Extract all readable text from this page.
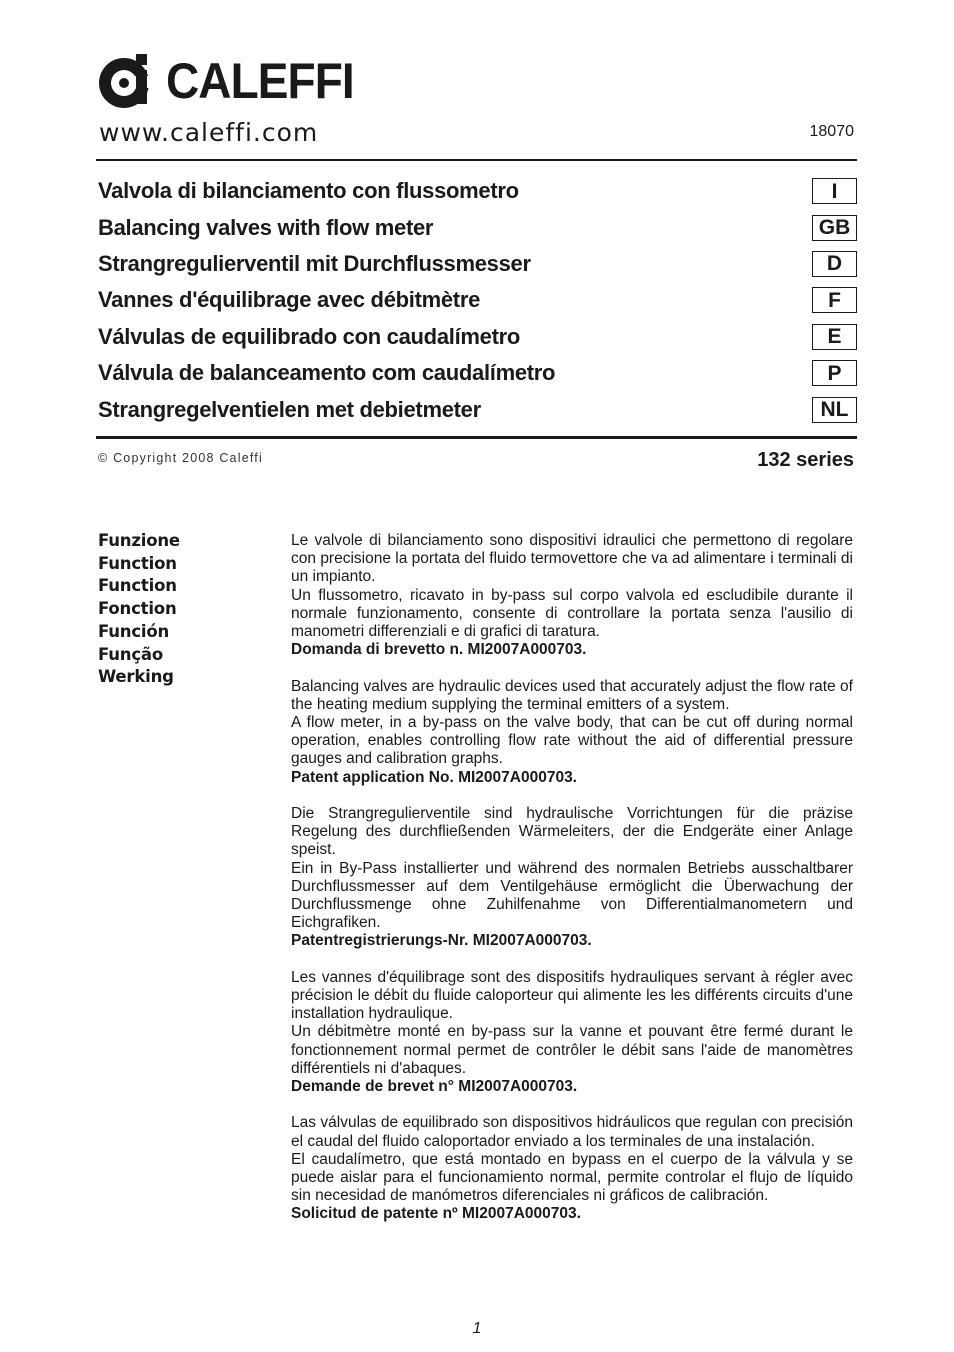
CALEFFI
www.caleffi.com	18070
Valvola di bilanciamento con flussometro	I
Balancing valves with flow meter	GB
Strangregulierventil mit Durchflussmesser	D
Vannes d'équilibrage avec débitmètre	F
Válvulas de equilibrado con caudalímetro	E
Válvula de balanceamento com caudalímetro	P
Strangregelventielen met debietmeter	NL
© Copyright 2008 Caleffi	132 series
Funzione
Function
Function
Fonction
Función
Função
Werking

Le valvole di bilanciamento sono dispositivi idraulici che permettono di regolare con precisione la portata del fluido termovettore che va ad alimentare i terminali di un impianto.

Un flussometro, ricavato in by-pass sul corpo valvola ed escludibile durante il normale funzionamento, consente di controllare la portata senza l'ausilio di manometri differenziali e di grafici di taratura.

Domanda di brevetto n. MI2007A000703.

Balancing valves are hydraulic devices used that accurately adjust the flow rate of the heating medium supplying the terminal emitters of a system.

A flow meter, in a by-pass on the valve body, that can be cut off during normal operation, enables controlling flow rate without the aid of differential pressure gauges and calibration graphs.

Patent application No. MI2007A000703.

Die Strangregulierventile sind hydraulische Vorrichtungen für die präzise Regelung des durchfließenden Wärmeleiters, der die Endgeräte einer Anlage speist.

Ein in By-Pass installierter und während des normalen Betriebs ausschaltbarer Durchflussmesser auf dem Ventilgehäuse ermöglicht die Überwachung der Durchflussmenge ohne Zuhilfenahme von Differentialmanometern und Eichgrafiken.

Patentregistrierungs-Nr. MI2007A000703.

Les vannes d'équilibrage sont des dispositifs hydrauliques servant à régler avec précision le débit du fluide caloporteur qui alimente les les différents circuits d'une installation hydraulique.

Un débitmètre monté en by-pass sur la vanne et pouvant être fermé durant le fonctionnement normal permet de contrôler le débit sans l'aide de manomètres différentiels ni d'abaques.

Demande de brevet n° MI2007A000703.

Las válvulas de equilibrado son dispositivos hidráulicos que regulan con precisión el caudal del fluido caloportador enviado a los terminales de una instalación.

El caudalímetro, que está montado en bypass en el cuerpo de la válvula y se puede aislar para el funcionamiento normal, permite controlar el flujo de líquido sin necesidad de manómetros diferenciales ni gráficos de calibración.

Solicitud de patente nº MI2007A000703.

1
